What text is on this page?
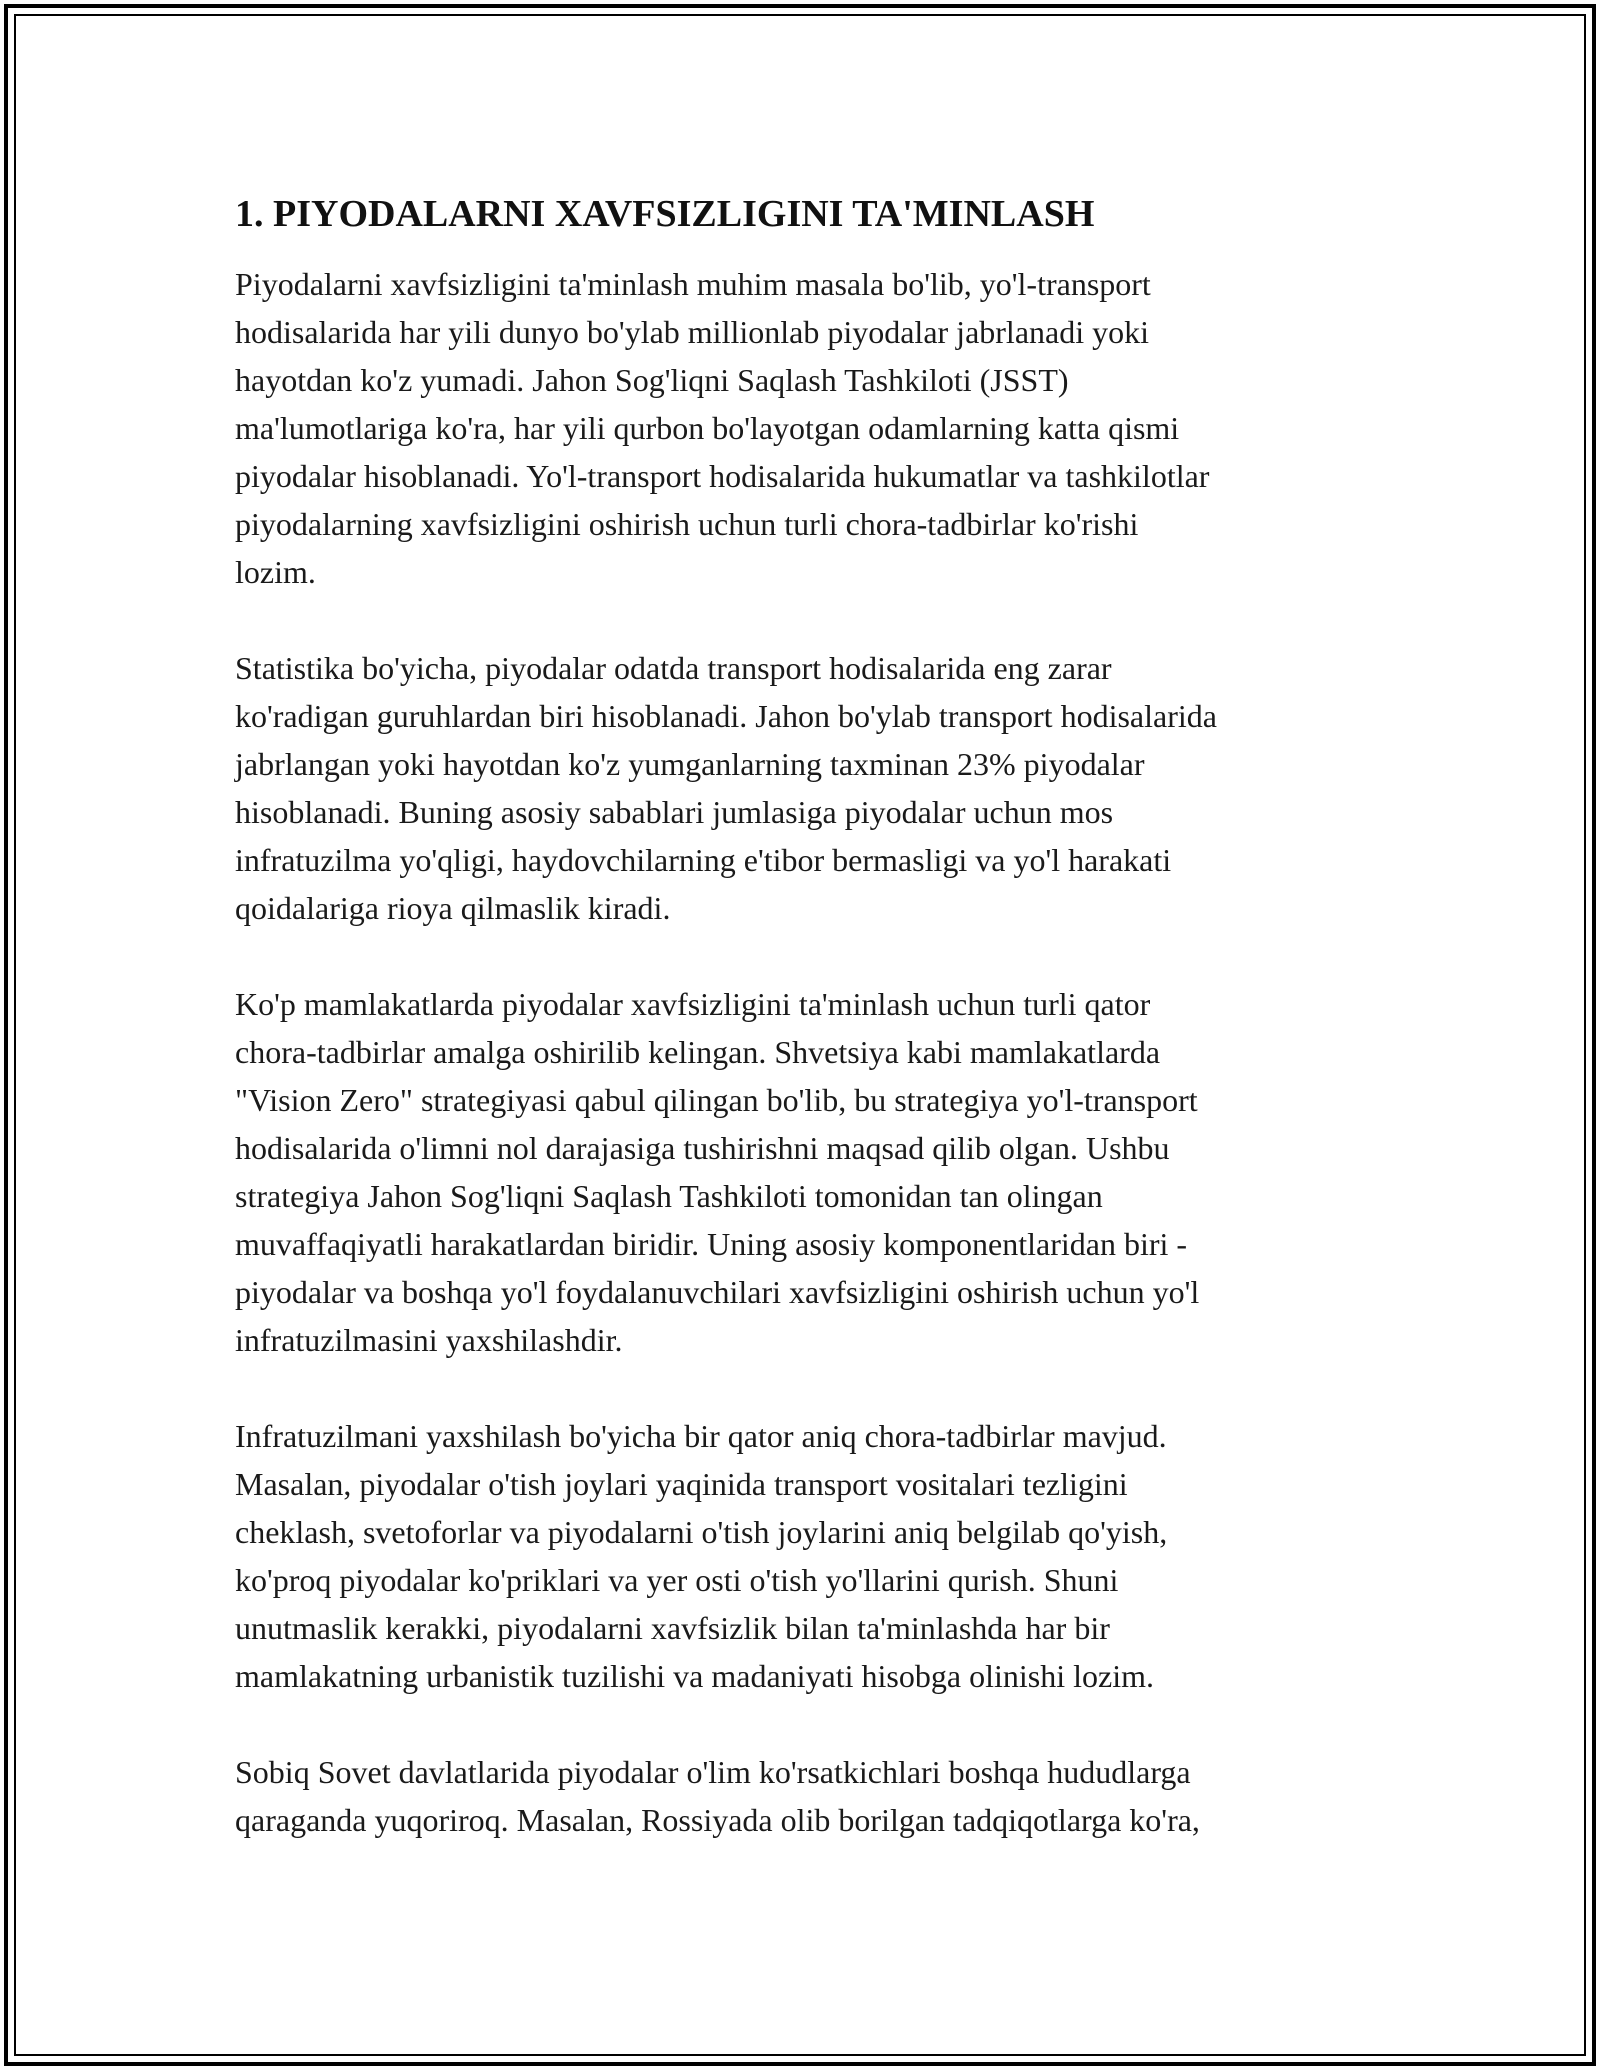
1. PIYODALARNI XAVFSIZLIGINI TA'MINLASH
Piyodalarni xavfsizligini ta'minlash muhim masala bo'lib, yo'l-transport
hodisalarida har yili dunyo bo'ylab millionlab piyodalar jabrlanadi yoki
hayotdan ko'z yumadi. Jahon Sog'liqni Saqlash Tashkiloti (JSST)
ma'lumotlariga ko'ra, har yili qurbon bo'layotgan odamlarning katta qismi
piyodalar hisoblanadi. Yo'l-transport hodisalarida hukumatlar va tashkilotlar
piyodalarning xavfsizligini oshirish uchun turli chora-tadbirlar ko'rishi
lozim.
Statistika bo'yicha, piyodalar odatda transport hodisalarida eng zarar
ko'radigan guruhlardan biri hisoblanadi. Jahon bo'ylab transport hodisalarida
jabrlangan yoki hayotdan ko'z yumganlarning taxminan 23% piyodalar
hisoblanadi. Buning asosiy sabablari jumlasiga piyodalar uchun mos
infratuzilma yo'qligi, haydovchilarning e'tibor bermasligi va yo'l harakati
qoidalariga rioya qilmaslik kiradi.
Ko'p mamlakatlarda piyodalar xavfsizligini ta'minlash uchun turli qator
chora-tadbirlar amalga oshirilib kelingan. Shvetsiya kabi mamlakatlarda
"Vision Zero" strategiyasi qabul qilingan bo'lib, bu strategiya yo'l-transport
hodisalarida o'limni nol darajasiga tushirishni maqsad qilib olgan. Ushbu
strategiya Jahon Sog'liqni Saqlash Tashkiloti tomonidan tan olingan
muvaffaqiyatli harakatlardan biridir. Uning asosiy komponentlaridan biri -
piyodalar va boshqa yo'l foydalanuvchilari xavfsizligini oshirish uchun yo'l
infratuzilmasini yaxshilashdir.
Infratuzilmani yaxshilash bo'yicha bir qator aniq chora-tadbirlar mavjud.
Masalan, piyodalar o'tish joylari yaqinida transport vositalari tezligini
cheklash, svetoforlar va piyodalarni o'tish joylarini aniq belgilab qo'yish,
ko'proq piyodalar ko'priklari va yer osti o'tish yo'llarini qurish. Shuni
unutmaslik kerakki, piyodalarni xavfsizlik bilan ta'minlashda har bir
mamlakatning urbanistik tuzilishi va madaniyati hisobga olinishi lozim.
Sobiq Sovet davlatlarida piyodalar o'lim ko'rsatkichlari boshqa hududlarga
qaraganda yuqoriroq. Masalan, Rossiyada olib borilgan tadqiqotlarga ko'ra,
